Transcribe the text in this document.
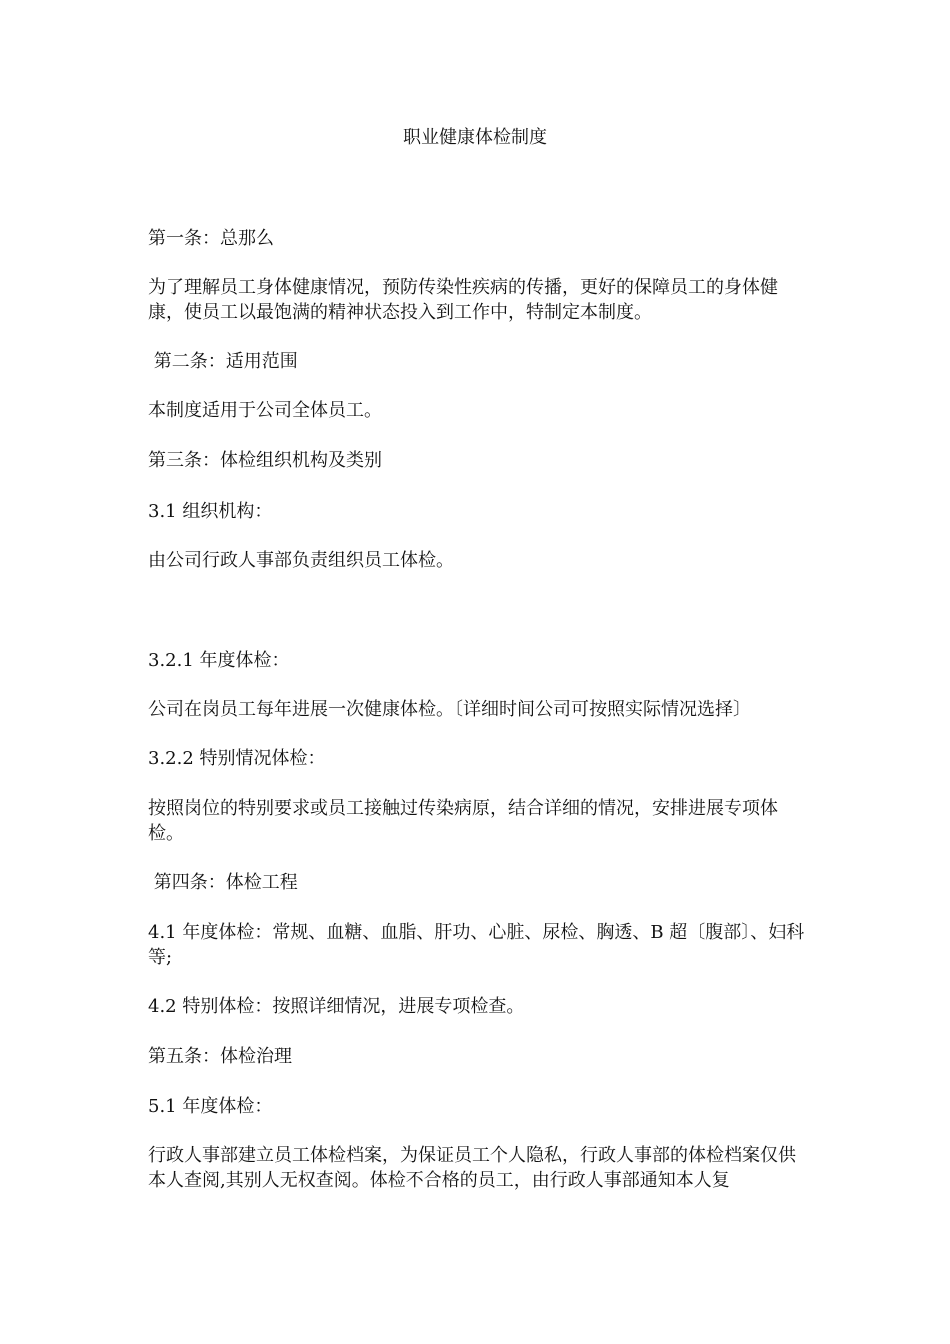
职业健康体检制度
第一条：总那么
为了理解员工身体健康情况，预防传染性疾病的传播，更好的保障员工的身体健康，使员工以最饱满的精神状态投入到工作中，特制定本制度。
第二条：适用范围
本制度适用于公司全体员工。
第三条：体检组织机构及类别
3.1 组织机构：
由公司行政人事部负责组织员工体检。
3.2.1 年度体检：
公司在岗员工每年进展一次健康体检。〔详细时间公司可按照实际情况选择〕
3.2.2 特别情况体检：
按照岗位的特别要求或员工接触过传染病原，结合详细的情况，安排进展专项体检。
第四条：体检工程
4.1 年度体检：常规、血糖、血脂、肝功、心脏、尿检、胸透、B 超〔腹部〕、妇科等;
4.2 特别体检：按照详细情况，进展专项检查。
第五条：体检治理
5.1 年度体检：
行政人事部建立员工体检档案，为保证员工个人隐私，行政人事部的体检档案仅供本人查阅,其别人无权查阅。体检不合格的员工，由行政人事部通知本人复
